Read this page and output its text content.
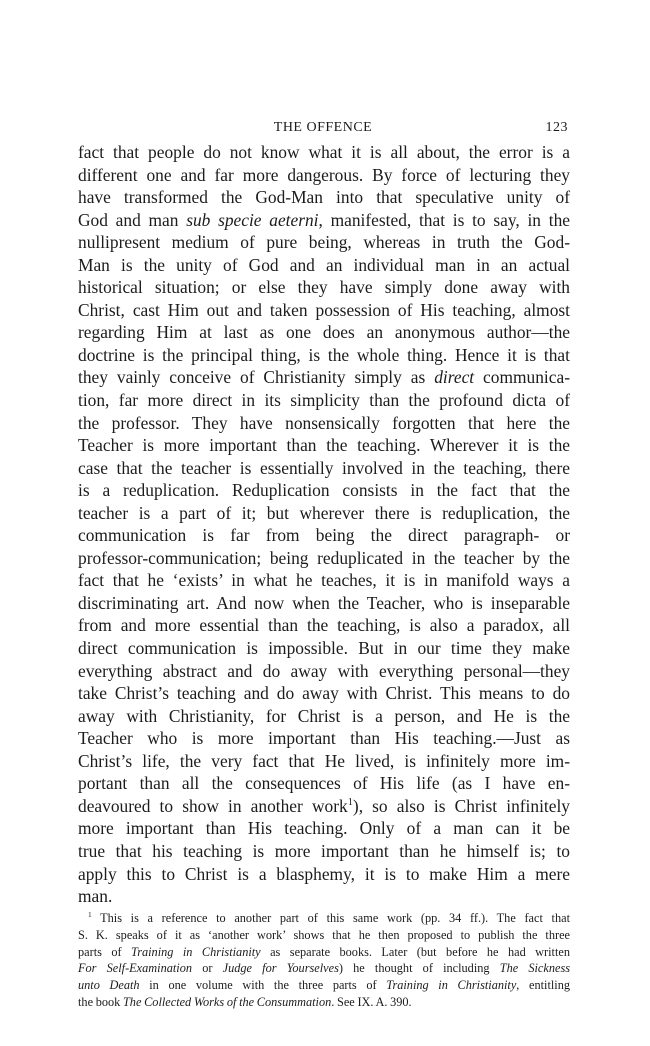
THE OFFENCE	123
fact that people do not know what it is all about, the error is a
different one and far more dangerous. By force of lecturing they
have transformed the God-Man into that speculative unity of
God and man sub specie aeterni, manifested, that is to say, in the
nullipresent medium of pure being, whereas in truth the God-
Man is the unity of God and an individual man in an actual
historical situation; or else they have simply done away with
Christ, cast Him out and taken possession of His teaching, almost
regarding Him at last as one does an anonymous author—the
doctrine is the principal thing, is the whole thing. Hence it is that
they vainly conceive of Christianity simply as direct communica-
tion, far more direct in its simplicity than the profound dicta of
the professor. They have nonsensically forgotten that here the
Teacher is more important than the teaching. Wherever it is the
case that the teacher is essentially involved in the teaching, there
is a reduplication. Reduplication consists in the fact that the
teacher is a part of it; but wherever there is reduplication, the
communication is far from being the direct paragraph- or
professor-communication; being reduplicated in the teacher by the
fact that he ‘exists’ in what he teaches, it is in manifold ways a
discriminating art. And now when the Teacher, who is inseparable
from and more essential than the teaching, is also a paradox, all
direct communication is impossible. But in our time they make
everything abstract and do away with everything personal—they
take Christ’s teaching and do away with Christ. This means to do
away with Christianity, for Christ is a person, and He is the
Teacher who is more important than His teaching.—Just as
Christ’s life, the very fact that He lived, is infinitely more im-
portant than all the consequences of His life (as I have en-
deavoured to show in another work$^1$), so also is Christ infinitely
more important than His teaching. Only of a man can it be
true that his teaching is more important than he himself is; to
apply this to Christ is a blasphemy, it is to make Him a mere
man.
$^1$ This is a reference to another part of this same work (pp. 34 ff.). The fact that
S. K. speaks of it as ‘another work’ shows that he then proposed to publish the three
parts of Training in Christianity as separate books. Later (but before he had written
For Self-Examination or Judge for Yourselves) he thought of including The Sickness
unto Death in one volume with the three parts of Training in Christianity, entitling
the book The Collected Works of the Consummation. See IX. A. 390.
